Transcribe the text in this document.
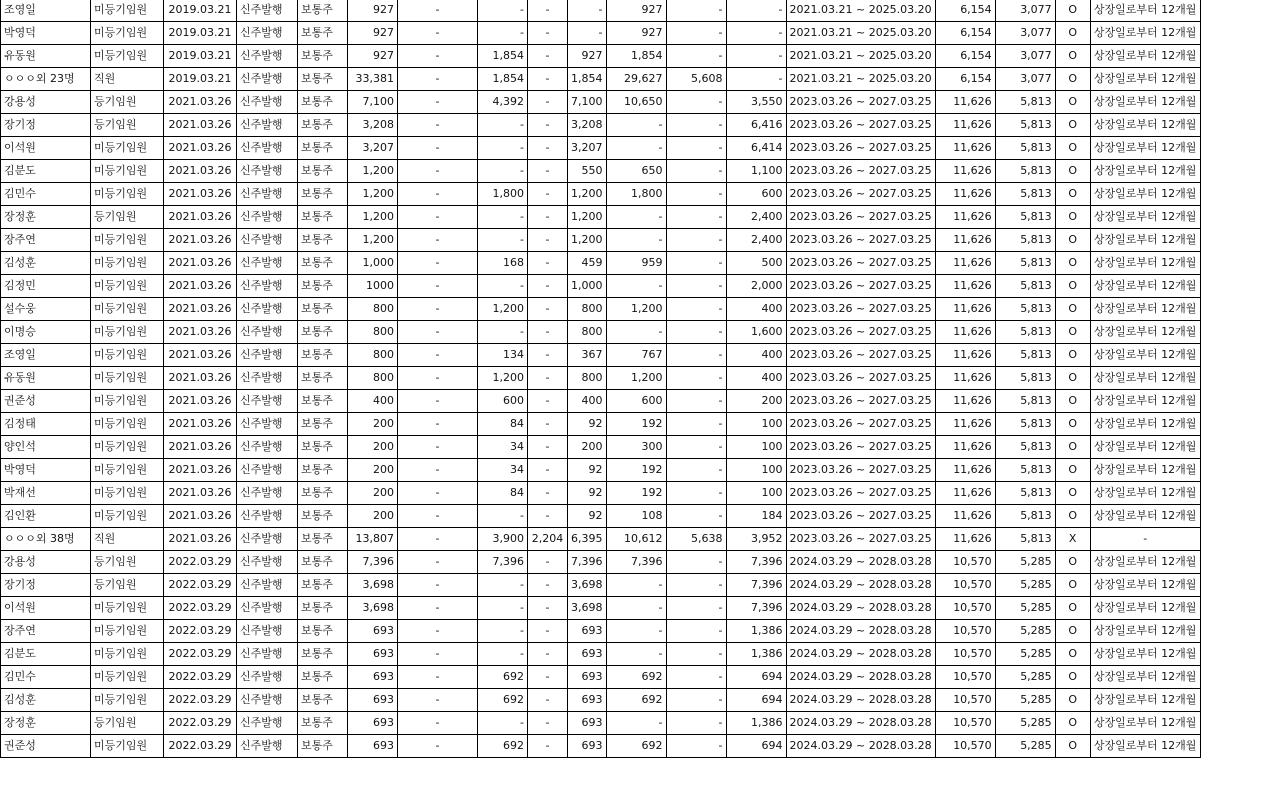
조영일	미등기임원	2019.03.21	신주발행	보통주	927	-	-	-	-	927	-	-	2021.03.21 ~ 2025.03.20	6,154	3,077	O	상장일로부터 12개월
박영덕	미등기임원	2019.03.21	신주발행	보통주	927	-	-	-	-	927	-	-	2021.03.21 ~ 2025.03.20	6,154	3,077	O	상장일로부터 12개월
유동원	미등기임원	2019.03.21	신주발행	보통주	927	-	1,854	-	927	1,854	-	-	2021.03.21 ~ 2025.03.20	6,154	3,077	O	상장일로부터 12개월
ㅇㅇㅇ외 23명	직원	2019.03.21	신주발행	보통주	33,381	-	1,854	-	1,854	29,627	5,608	-	2021.03.21 ~ 2025.03.20	6,154	3,077	O	상장일로부터 12개월
강용성	등기임원	2021.03.26	신주발행	보통주	7,100	-	4,392	-	7,100	10,650	-	3,550	2023.03.26 ~ 2027.03.25	11,626	5,813	O	상장일로부터 12개월
장기정	등기임원	2021.03.26	신주발행	보통주	3,208	-	-	-	3,208	-	-	6,416	2023.03.26 ~ 2027.03.25	11,626	5,813	O	상장일로부터 12개월
이석원	미등기임원	2021.03.26	신주발행	보통주	3,207	-	-	-	3,207	-	-	6,414	2023.03.26 ~ 2027.03.25	11,626	5,813	O	상장일로부터 12개월
김분도	미등기임원	2021.03.26	신주발행	보통주	1,200	-	-	-	550	650	-	1,100	2023.03.26 ~ 2027.03.25	11,626	5,813	O	상장일로부터 12개월
김민수	미등기임원	2021.03.26	신주발행	보통주	1,200	-	1,800	-	1,200	1,800	-	600	2023.03.26 ~ 2027.03.25	11,626	5,813	O	상장일로부터 12개월
장정훈	등기임원	2021.03.26	신주발행	보통주	1,200	-	-	-	1,200	-	-	2,400	2023.03.26 ~ 2027.03.25	11,626	5,813	O	상장일로부터 12개월
장주연	미등기임원	2021.03.26	신주발행	보통주	1,200	-	-	-	1,200	-	-	2,400	2023.03.26 ~ 2027.03.25	11,626	5,813	O	상장일로부터 12개월
김성훈	미등기임원	2021.03.26	신주발행	보통주	1,000	-	168	-	459	959	-	500	2023.03.26 ~ 2027.03.25	11,626	5,813	O	상장일로부터 12개월
김정민	미등기임원	2021.03.26	신주발행	보통주	1000	-	-	-	1,000	-	-	2,000	2023.03.26 ~ 2027.03.25	11,626	5,813	O	상장일로부터 12개월
설수웅	미등기임원	2021.03.26	신주발행	보통주	800	-	1,200	-	800	1,200	-	400	2023.03.26 ~ 2027.03.25	11,626	5,813	O	상장일로부터 12개월
이명승	미등기임원	2021.03.26	신주발행	보통주	800	-	-	-	800	-	-	1,600	2023.03.26 ~ 2027.03.25	11,626	5,813	O	상장일로부터 12개월
조영일	미등기임원	2021.03.26	신주발행	보통주	800	-	134	-	367	767	-	400	2023.03.26 ~ 2027.03.25	11,626	5,813	O	상장일로부터 12개월
유동원	미등기임원	2021.03.26	신주발행	보통주	800	-	1,200	-	800	1,200	-	400	2023.03.26 ~ 2027.03.25	11,626	5,813	O	상장일로부터 12개월
권준성	미등기임원	2021.03.26	신주발행	보통주	400	-	600	-	400	600	-	200	2023.03.26 ~ 2027.03.25	11,626	5,813	O	상장일로부터 12개월
김정태	미등기임원	2021.03.26	신주발행	보통주	200	-	84	-	92	192	-	100	2023.03.26 ~ 2027.03.25	11,626	5,813	O	상장일로부터 12개월
양인석	미등기임원	2021.03.26	신주발행	보통주	200	-	34	-	200	300	-	100	2023.03.26 ~ 2027.03.25	11,626	5,813	O	상장일로부터 12개월
박영덕	미등기임원	2021.03.26	신주발행	보통주	200	-	34	-	92	192	-	100	2023.03.26 ~ 2027.03.25	11,626	5,813	O	상장일로부터 12개월
박재선	미등기임원	2021.03.26	신주발행	보통주	200	-	84	-	92	192	-	100	2023.03.26 ~ 2027.03.25	11,626	5,813	O	상장일로부터 12개월
김인환	미등기임원	2021.03.26	신주발행	보통주	200	-	-	-	92	108	-	184	2023.03.26 ~ 2027.03.25	11,626	5,813	O	상장일로부터 12개월
ㅇㅇㅇ외 38명	직원	2021.03.26	신주발행	보통주	13,807	-	3,900	2,204	6,395	10,612	5,638	3,952	2023.03.26 ~ 2027.03.25	11,626	5,813	X	-
강용성	등기임원	2022.03.29	신주발행	보통주	7,396	-	7,396	-	7,396	7,396	-	7,396	2024.03.29 ~ 2028.03.28	10,570	5,285	O	상장일로부터 12개월
장기정	등기임원	2022.03.29	신주발행	보통주	3,698	-	-	-	3,698	-	-	7,396	2024.03.29 ~ 2028.03.28	10,570	5,285	O	상장일로부터 12개월
이석원	미등기임원	2022.03.29	신주발행	보통주	3,698	-	-	-	3,698	-	-	7,396	2024.03.29 ~ 2028.03.28	10,570	5,285	O	상장일로부터 12개월
장주연	미등기임원	2022.03.29	신주발행	보통주	693	-	-	-	693	-	-	1,386	2024.03.29 ~ 2028.03.28	10,570	5,285	O	상장일로부터 12개월
김분도	미등기임원	2022.03.29	신주발행	보통주	693	-	-	-	693	-	-	1,386	2024.03.29 ~ 2028.03.28	10,570	5,285	O	상장일로부터 12개월
김민수	미등기임원	2022.03.29	신주발행	보통주	693	-	692	-	693	692	-	694	2024.03.29 ~ 2028.03.28	10,570	5,285	O	상장일로부터 12개월
김성훈	미등기임원	2022.03.29	신주발행	보통주	693	-	692	-	693	692	-	694	2024.03.29 ~ 2028.03.28	10,570	5,285	O	상장일로부터 12개월
장정훈	등기임원	2022.03.29	신주발행	보통주	693	-	-	-	693	-	-	1,386	2024.03.29 ~ 2028.03.28	10,570	5,285	O	상장일로부터 12개월
권준성	미등기임원	2022.03.29	신주발행	보통주	693	-	692	-	693	692	-	694	2024.03.29 ~ 2028.03.28	10,570	5,285	O	상장일로부터 12개월
